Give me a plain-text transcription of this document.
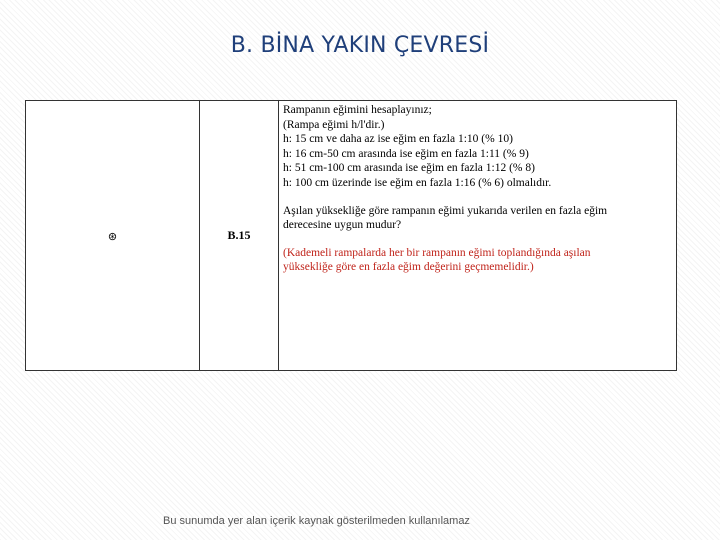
B. BİNA YAKIN ÇEVRESİ
⊛	B.15	
Rampanın eğimini hesaplayınız;
(Rampa eğimi h/l'dir.)
h: 15 cm ve daha az ise eğim en fazla 1:10 (% 10)
h: 16 cm-50 cm arasında ise eğim en fazla 1:11 (% 9)
h: 51 cm-100 cm arasında ise eğim en fazla 1:12 (% 8)
h: 100 cm üzerinde ise eğim en fazla 1:16 (% 6) olmalıdır.
Aşılan yüksekliğe göre rampanın eğimi yukarıda verilen en fazla eğim
derecesine uygun mudur?
(Kademeli rampalarda her bir rampanın eğimi toplandığında aşılan
yüksekliğe göre en fazla eğim değerini geçmemelidir.)
Bu sunumda yer alan içerik kaynak gösterilmeden kullanılamaz
